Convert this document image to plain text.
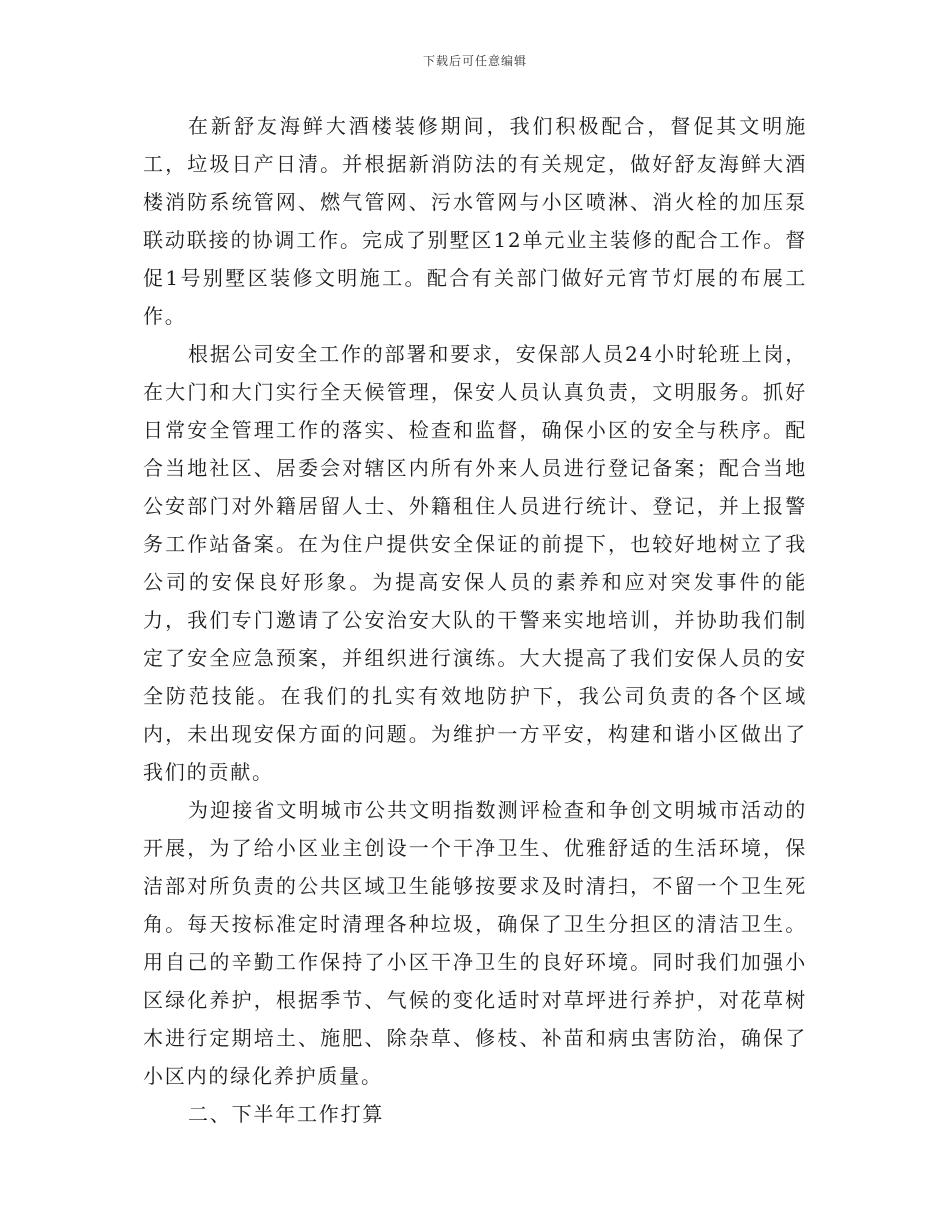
下载后可任意编辑

在新舒友海鲜大酒楼装修期间，我们积极配合，督促其文明施工，垃圾日产日清。并根据新消防法的有关规定，做好舒友海鲜大酒楼消防系统管网、燃气管网、污水管网与小区喷淋、消火栓的加压泵联动联接的协调工作。完成了别墅区12单元业主装修的配合工作。督促1号别墅区装修文明施工。配合有关部门做好元宵节灯展的布展工作。

根据公司安全工作的部署和要求，安保部人员24小时轮班上岗，在大门和大门实行全天候管理，保安人员认真负责，文明服务。抓好日常安全管理工作的落实、检查和监督，确保小区的安全与秩序。配合当地社区、居委会对辖区内所有外来人员进行登记备案；配合当地公安部门对外籍居留人士、外籍租住人员进行统计、登记，并上报警务工作站备案。在为住户提供安全保证的前提下，也较好地树立了我公司的安保良好形象。为提高安保人员的素养和应对突发事件的能力，我们专门邀请了公安治安大队的干警来实地培训，并协助我们制定了安全应急预案，并组织进行演练。大大提高了我们安保人员的安全防范技能。在我们的扎实有效地防护下，我公司负责的各个区域内，未出现安保方面的问题。为维护一方平安，构建和谐小区做出了我们的贡献。

为迎接省文明城市公共文明指数测评检查和争创文明城市活动的开展，为了给小区业主创设一个干净卫生、优雅舒适的生活环境，保洁部对所负责的公共区域卫生能够按要求及时清扫，不留一个卫生死角。每天按标准定时清理各种垃圾，确保了卫生分担区的清洁卫生。用自己的辛勤工作保持了小区干净卫生的良好环境。同时我们加强小区绿化养护，根据季节、气候的变化适时对草坪进行养护，对花草树木进行定期培土、施肥、除杂草、修枝、补苗和病虫害防治，确保了小区内的绿化养护质量。

二、下半年工作打算
